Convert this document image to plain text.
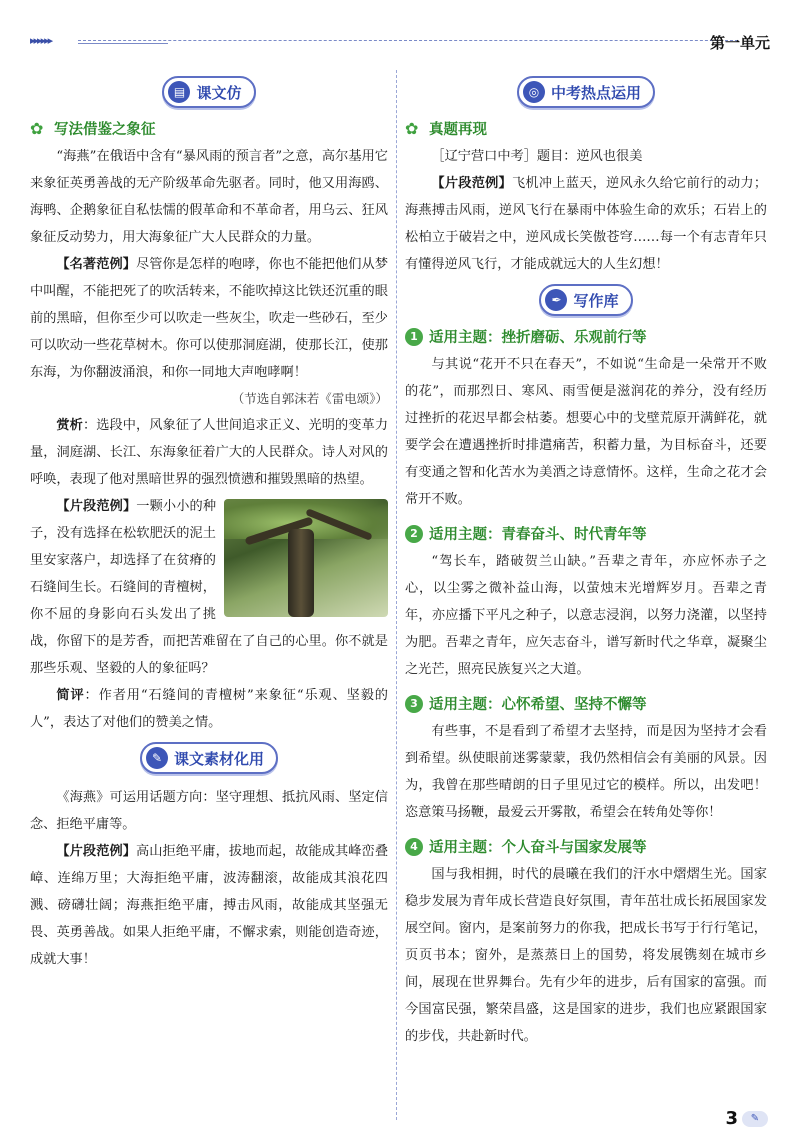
▸▸▸▸▸▸	第一单元
▤ 课文仿
✿ 写法借鉴之象征

“海燕”在俄语中含有“暴风雨的预言者”之意，高尔基用它来象征英勇善战的无产阶级革命先驱者。同时，他又用海鸥、海鸭、企鹅象征自私怯懦的假革命和不革命者，用乌云、狂风象征反动势力，用大海象征广大人民群众的力量。

【名著范例】尽管你是怎样的咆哮，你也不能把他们从梦中叫醒，不能把死了的吹活转来，不能吹掉这比铁还沉重的眼前的黑暗，但你至少可以吹走一些灰尘，吹走一些砂石，至少可以吹动一些花草树木。你可以使那洞庭湖，使那长江，使那东海，为你翻波涌浪，和你一同地大声咆哮啊！

（节选自郭沫若《雷电颂》）

赏析：选段中，风象征了人世间追求正义、光明的变革力量，洞庭湖、长江、东海象征着广大的人民群众。诗人对风的呼唤，表现了他对黑暗世界的强烈愤懑和摧毁黑暗的热望。

【片段范例】一颗小小的种子，没有选择在松软肥沃的泥土里安家落户，却选择了在贫瘠的石缝间生长。石缝间的青檀树，你不屈的身影向石头发出了挑战，你留下的是芳香，而把苦难留在了自己的心里。你不就是那些乐观、坚毅的人的象征吗？

简评：作者用“石缝间的青檀树”来象征“乐观、坚毅的人”，表达了对他们的赞美之情。

✎ 课文素材化用

《海燕》可运用话题方向：坚守理想、抵抗风雨、坚定信念、拒绝平庸等。

【片段范例】高山拒绝平庸，拔地而起，故能成其峰峦叠嶂、连绵万里；大海拒绝平庸，波涛翻滚，故能成其浪花四溅、磅礴壮阔；海燕拒绝平庸，搏击风雨，故能成其坚强无畏、英勇善战。如果人拒绝平庸，不懈求索，则能创造奇迹，成就大事！

◎ 中考热点运用
✿ 真题再现

［辽宁营口中考］题目：逆风也很美

【片段范例】飞机冲上蓝天，逆风永久给它前行的动力；海燕搏击风雨，逆风飞行在暴雨中体验生命的欢乐；石岩上的松柏立于破岩之中，逆风成长笑傲苍穹……每一个有志青年只有懂得逆风飞行，才能成就远大的人生幻想！

✒ 写作库
1 适用主题：挫折磨砺、乐观前行等

与其说“花开不只在春天”，不如说“生命是一朵常开不败的花”，而那烈日、寒风、雨雪便是滋润花的养分，没有经历过挫折的花迟早都会枯萎。想要心中的戈壁荒原开满鲜花，就要学会在遭遇挫折时排遣痛苦，积蓄力量，为目标奋斗，还要有变通之智和化苦水为美酒之诗意情怀。这样，生命之花才会常开不败。

2 适用主题：青春奋斗、时代青年等

“驾长车，踏破贺兰山缺。”吾辈之青年，亦应怀赤子之心，以尘雾之微补益山海，以萤烛末光增辉岁月。吾辈之青年，亦应播下平凡之种子，以意志浸润，以努力浇灌，以坚持为肥。吾辈之青年，应矢志奋斗，谱写新时代之华章，凝聚尘之光芒，照亮民族复兴之大道。

3 适用主题：心怀希望、坚持不懈等

有些事，不是看到了希望才去坚持，而是因为坚持才会看到希望。纵使眼前迷雾蒙蒙，我仍然相信会有美丽的风景。因为，我曾在那些晴朗的日子里见过它的模样。所以，出发吧！恣意策马扬鞭，最爱云开雾散，希望会在转角处等你！

4 适用主题：个人奋斗与国家发展等

国与我相拥，时代的晨曦在我们的汗水中熠熠生光。国家稳步发展为青年成长营造良好氛围，青年茁壮成长拓展国家发展空间。窗内，是案前努力的你我，把成长书写于行行笔记，页页书本；窗外，是蒸蒸日上的国势，将发展镌刻在城市乡间，展现在世界舞台。先有少年的进步，后有国家的富强。而今国富民强，繁荣昌盛，这是国家的进步，我们也应紧跟国家的步伐，共赴新时代。

3	✎
